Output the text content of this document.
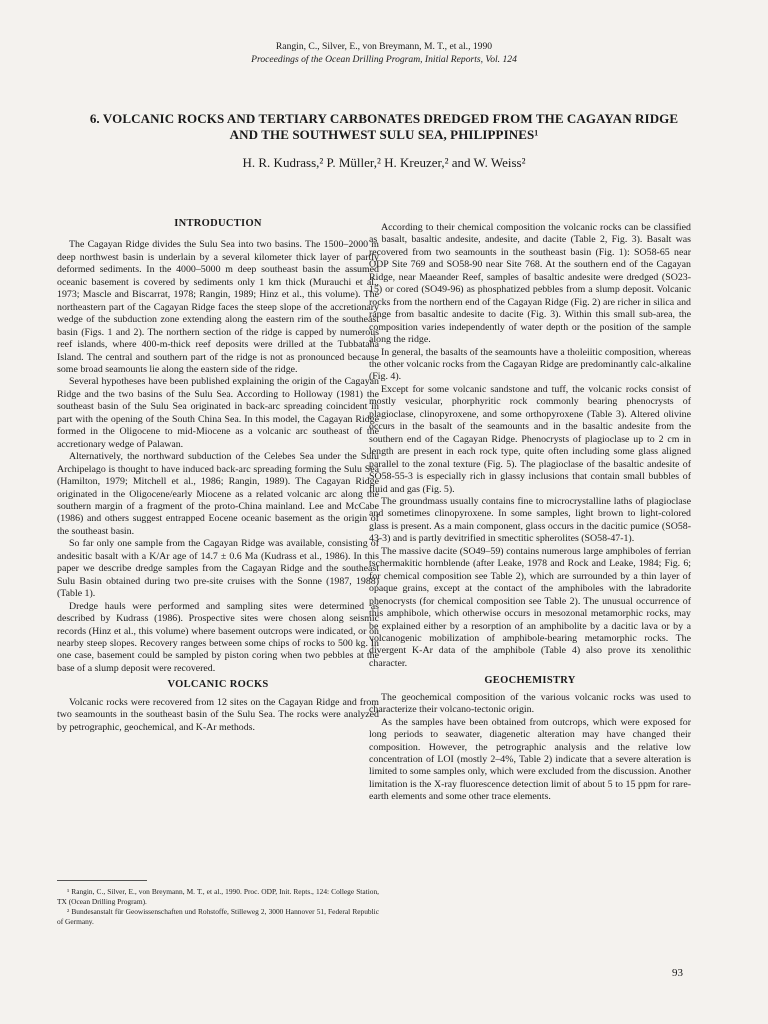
Rangin, C., Silver, E., von Breymann, M. T., et al., 1990
Proceedings of the Ocean Drilling Program, Initial Reports, Vol. 124
6. VOLCANIC ROCKS AND TERTIARY CARBONATES DREDGED FROM THE CAGAYAN RIDGE
AND THE SOUTHWEST SULU SEA, PHILIPPINES¹
H. R. Kudrass,² P. Müller,² H. Kreuzer,² and W. Weiss²
INTRODUCTION

The Cagayan Ridge divides the Sulu Sea into two basins. The 1500–2000 m deep northwest basin is underlain by a several kilometer thick layer of partly deformed sediments. In the 4000–5000 m deep southeast basin the assumed oceanic basement is covered by sediments only 1 km thick (Murauchi et al., 1973; Mascle and Biscarrat, 1978; Rangin, 1989; Hinz et al., this volume). The northeastern part of the Cagayan Ridge faces the steep slope of the accretionary wedge of the subduction zone extending along the eastern rim of the southeast basin (Figs. 1 and 2). The northern section of the ridge is capped by numerous reef islands, where 400-m-thick reef deposits were drilled at the Tubbataha Island. The central and southern part of the ridge is not as pronounced because some broad seamounts lie along the eastern side of the ridge.

Several hypotheses have been published explaining the origin of the Cagayan Ridge and the two basins of the Sulu Sea. According to Holloway (1981) the southeast basin of the Sulu Sea originated in back-arc spreading coincident in part with the opening of the South China Sea. In this model, the Cagayan Ridge formed in the Oligocene to mid-Miocene as a volcanic arc southeast of the accretionary wedge of Palawan.

Alternatively, the northward subduction of the Celebes Sea under the Sulu Archipelago is thought to have induced back-arc spreading forming the Sulu Sea (Hamilton, 1979; Mitchell et al., 1986; Rangin, 1989). The Cagayan Ridge originated in the Oligocene/early Miocene as a related volcanic arc along the southern margin of a fragment of the proto-China mainland. Lee and McCabe (1986) and others suggest entrapped Eocene oceanic basement as the origin of the southeast basin.

So far only one sample from the Cagayan Ridge was available, consisting of andesitic basalt with a K/Ar age of 14.7 ± 0.6 Ma (Kudrass et al., 1986). In this paper we describe dredge samples from the Cagayan Ridge and the southeast Sulu Basin obtained during two pre-site cruises with the Sonne (1987, 1988) (Table 1).

Dredge hauls were performed and sampling sites were determined as described by Kudrass (1986). Prospective sites were chosen along seismic records (Hinz et al., this volume) where basement outcrops were indicated, or on nearby steep slopes. Recovery ranges between some chips of rocks to 500 kg. In one case, basement could be sampled by piston coring when two pebbles at the base of a slump deposit were recovered.

VOLCANIC ROCKS

Volcanic rocks were recovered from 12 sites on the Cagayan Ridge and from two seamounts in the southeast basin of the Sulu Sea. The rocks were analyzed by petrographic, geochemical, and K-Ar methods.

According to their chemical composition the volcanic rocks can be classified as basalt, basaltic andesite, andesite, and dacite (Table 2, Fig. 3). Basalt was recovered from two seamounts in the southeast basin (Fig. 1): SO58-65 near ODP Site 769 and SO58-90 near Site 768. At the southern end of the Cagayan Ridge, near Maeander Reef, samples of basaltic andesite were dredged (SO23-15) or cored (SO49-96) as phosphatized pebbles from a slump deposit. Volcanic rocks from the northern end of the Cagayan Ridge (Fig. 2) are richer in silica and range from basaltic andesite to dacite (Fig. 3). Within this small sub-area, the composition varies independently of water depth or the position of the sample along the ridge.

In general, the basalts of the seamounts have a tholeiitic composition, whereas the other volcanic rocks from the Cagayan Ridge are predominantly calc-alkaline (Fig. 4).

Except for some volcanic sandstone and tuff, the volcanic rocks consist of mostly vesicular, phorphyritic rock commonly bearing phenocrysts of plagioclase, clinopyroxene, and some orthopyroxene (Table 3). Altered olivine occurs in the basalt of the seamounts and in the basaltic andesite from the southern end of the Cagayan Ridge. Phenocrysts of plagioclase up to 2 cm in length are present in each rock type, quite often including some glass aligned parallel to the zonal texture (Fig. 5). The plagioclase of the basaltic andesite of SO58-55-3 is especially rich in glassy inclusions that contain small bubbles of fluid and gas (Fig. 5).

The groundmass usually contains fine to microcrystalline laths of plagioclase and sometimes clinopyroxene. In some samples, light brown to light-colored glass is present. As a main component, glass occurs in the dacitic pumice (SO58-43-3) and is partly devitrified in smectitic spherolites (SO58-47-1).

The massive dacite (SO49–59) contains numerous large amphiboles of ferrian tschermakitic hornblende (after Leake, 1978 and Rock and Leake, 1984; Fig. 6; for chemical composition see Table 2), which are surrounded by a thin layer of opaque grains, except at the contact of the amphiboles with the labradorite phenocrysts (for chemical composition see Table 2). The unusual occurrence of this amphibole, which otherwise occurs in mesozonal metamorphic rocks, may be explained either by a resorption of an amphibolite by a dacitic lava or by a volcanogenic mobilization of amphibole-bearing metamorphic rocks. The divergent K-Ar data of the amphibole (Table 4) also prove its xenolithic character.

GEOCHEMISTRY

The geochemical composition of the various volcanic rocks was used to characterize their volcano-tectonic origin.

As the samples have been obtained from outcrops, which were exposed for long periods to seawater, diagenetic alteration may have changed their composition. However, the petrographic analysis and the relative low concentration of LOI (mostly 2–4%, Table 2) indicate that a severe alteration is limited to some samples only, which were excluded from the discussion. Another limitation is the X-ray fluorescence detection limit of about 5 to 15 ppm for rare-earth elements and some other trace elements.

¹ Rangin, C., Silver, E., von Breymann, M. T., et al., 1990. Proc. ODP, Init. Repts., 124: College Station, TX (Ocean Drilling Program).

² Bundesanstalt für Geowissenschaften und Rohstoffe, Stilleweg 2, 3000 Hannover 51, Federal Republic of Germany.

93
